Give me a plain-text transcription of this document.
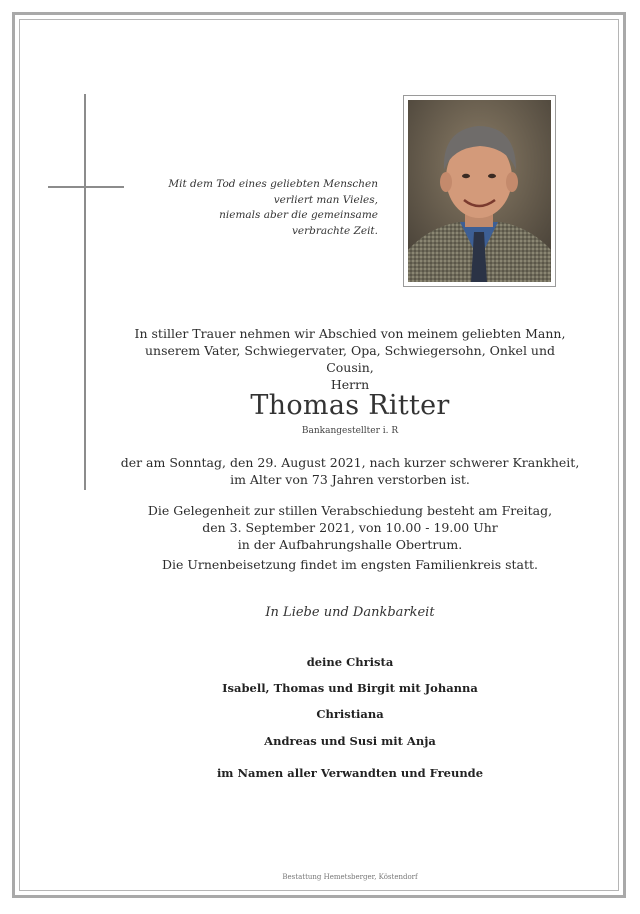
Mit dem Tod eines geliebten Menschen
verliert man Vieles,
niemals aber die gemeinsame
verbrachte Zeit.
In stiller Trauer nehmen wir Abschied von meinem geliebten Mann,
unserem Vater, Schwiegervater, Opa, Schwiegersohn, Onkel und Cousin,
Herrn
Thomas Ritter
Bankangestellter i. R
der am Sonntag, den 29. August 2021, nach kurzer schwerer Krankheit,
im Alter von 73 Jahren verstorben ist.
Die Gelegenheit zur stillen Verabschiedung besteht am Freitag,
den 3. September 2021, von 10.00 - 19.00 Uhr
in der Aufbahrungshalle Obertrum.
Die Urnenbeisetzung findet im engsten Familienkreis statt.
In Liebe und Dankbarkeit
deine Christa
Isabell, Thomas und Birgit mit Johanna
Christiana
Andreas und Susi mit Anja
im Namen aller Verwandten und Freunde
Bestattung Hemetsberger, Köstendorf
